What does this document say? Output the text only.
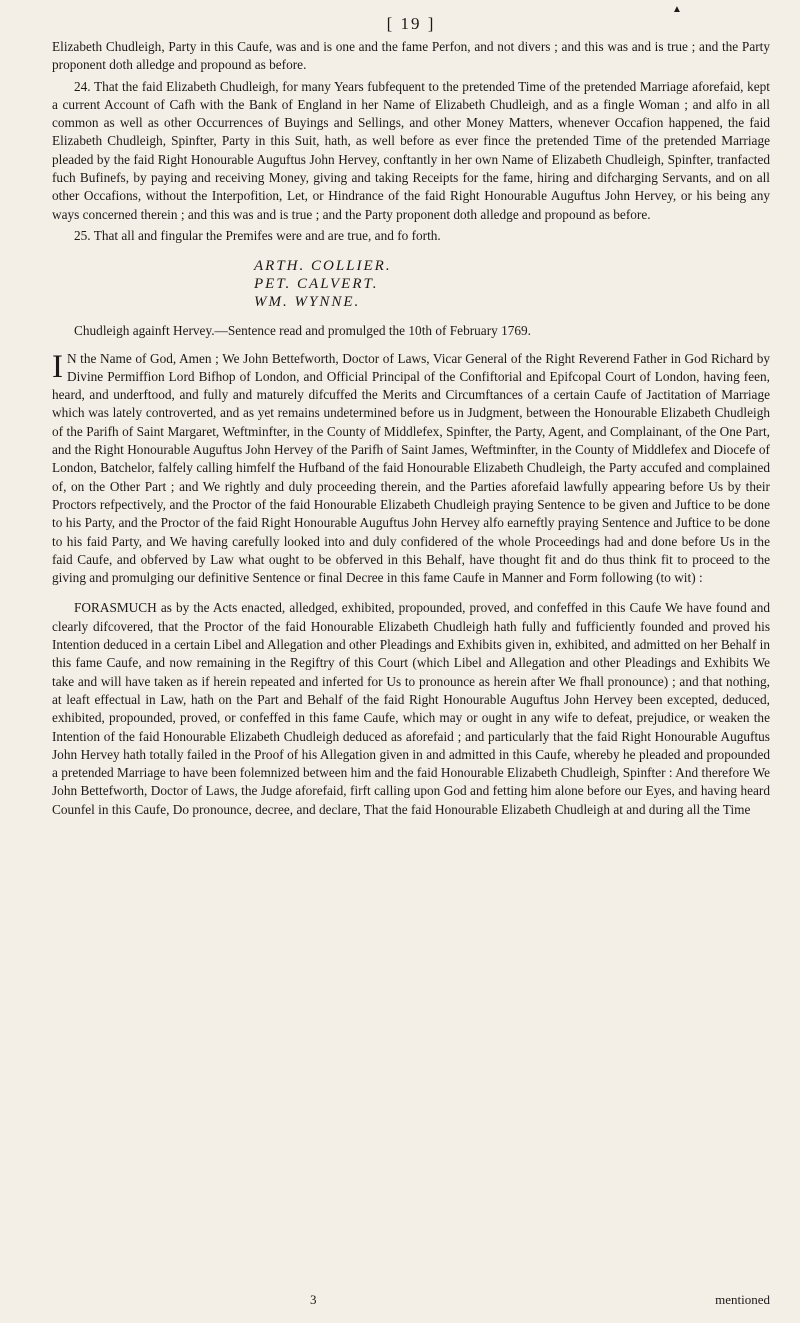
▲
[ 19 ]

Elizabeth Chudleigh, Party in this Caufe, was and is one and the fame Perfon, and not divers ; and this was and is true ; and the Party proponent doth alledge and propound as before.

24. That the faid Elizabeth Chudleigh, for many Years fubfequent to the pretended Time of the pretended Marriage aforefaid, kept a current Account of Cafh with the Bank of England in her Name of Elizabeth Chudleigh, and as a fingle Woman ; and alfo in all common as well as other Occurrences of Buyings and Sellings, and other Money Matters, whenever Occafion happened, the faid Elizabeth Chudleigh, Spinfter, Party in this Suit, hath, as well before as ever fince the pretended Time of the pretended Marriage pleaded by the faid Right Honourable Auguftus John Hervey, conftantly in her own Name of Elizabeth Chudleigh, Spinfter, tranfacted fuch Bufinefs, by paying and receiving Money, giving and taking Receipts for the fame, hiring and difcharging Servants, and on all other Occafions, without the Interpofition, Let, or Hindrance of the faid Right Honourable Auguftus John Hervey, or his being any ways concerned therein ; and this was and is true ; and the Party proponent doth alledge and propound as before.

25. That all and fingular the Premifes were and are true, and fo forth.

ARTH. COLLIER.
PET. CALVERT.
WM. WYNNE.

Chudleigh againft Hervey.—Sentence read and promulged the 10th of February 1769.

I N the Name of God, Amen ; We John Bettefworth, Doctor of Laws, Vicar General of the Right Reverend Father in God Richard by Divine Permiffion Lord Bifhop of London, and Official Principal of the Confiftorial and Epifcopal Court of London, having feen, heard, and underftood, and fully and maturely difcuffed the Merits and Circumftances of a certain Caufe of Jactitation of Marriage which was lately controverted, and as yet remains undetermined before us in Judgment, between the Honourable Elizabeth Chudleigh of the Parifh of Saint Margaret, Weftminfter, in the County of Middlefex, Spinfter, the Party, Agent, and Complainant, of the One Part, and the Right Honourable Auguftus John Hervey of the Parifh of Saint James, Weftminfter, in the County of Middlefex and Diocefe of London, Batchelor, falfely calling himfelf the Hufband of the faid Honourable Elizabeth Chudleigh, the Party accufed and complained of, on the Other Part ; and We rightly and duly proceeding therein, and the Parties aforefaid lawfully appearing before Us by their Proctors refpectively, and the Proctor of the faid Honourable Elizabeth Chudleigh praying Sentence to be given and Juftice to be done to his Party, and the Proctor of the faid Right Honourable Auguftus John Hervey alfo earneftly praying Sentence and Juftice to be done to his faid Party, and We having carefully looked into and duly confidered of the whole Proceedings had and done before Us in the faid Caufe, and obferved by Law what ought to be obferved in this Behalf, have thought fit and do thus think fit to proceed to the giving and promulging our definitive Sentence or final Decree in this fame Caufe in Manner and Form following (to wit) :

FORASMUCH as by the Acts enacted, alledged, exhibited, propounded, proved, and confeffed in this Caufe We have found and clearly difcovered, that the Proctor of the faid Honourable Elizabeth Chudleigh hath fully and fufficiently founded and proved his Intention deduced in a certain Libel and Allegation and other Pleadings and Exhibits given in, exhibited, and admitted on her Behalf in this fame Caufe, and now remaining in the Regiftry of this Court (which Libel and Allegation and other Pleadings and Exhibits We take and will have taken as if herein repeated and inferted for Us to pronounce as herein after We fhall pronounce) ; and that nothing, at leaft effectual in Law, hath on the Part and Behalf of the faid Right Honourable Auguftus John Hervey been excepted, deduced, exhibited, propounded, proved, or confeffed in this fame Caufe, which may or ought in any wife to defeat, prejudice, or weaken the Intention of the faid Honourable Elizabeth Chudleigh deduced as aforefaid ; and particularly that the faid Right Honourable Auguftus John Hervey hath totally failed in the Proof of his Allegation given in and admitted in this Caufe, whereby he pleaded and propounded a pretended Marriage to have been folemnized between him and the faid Honourable Elizabeth Chudleigh, Spinfter : And therefore We John Bettefworth, Doctor of Laws, the Judge aforefaid, firft calling upon God and fetting him alone before our Eyes, and having heard Counfel in this Caufe, Do pronounce, decree, and declare, That the faid Honourable Elizabeth Chudleigh at and during all the Time

3	mentioned
